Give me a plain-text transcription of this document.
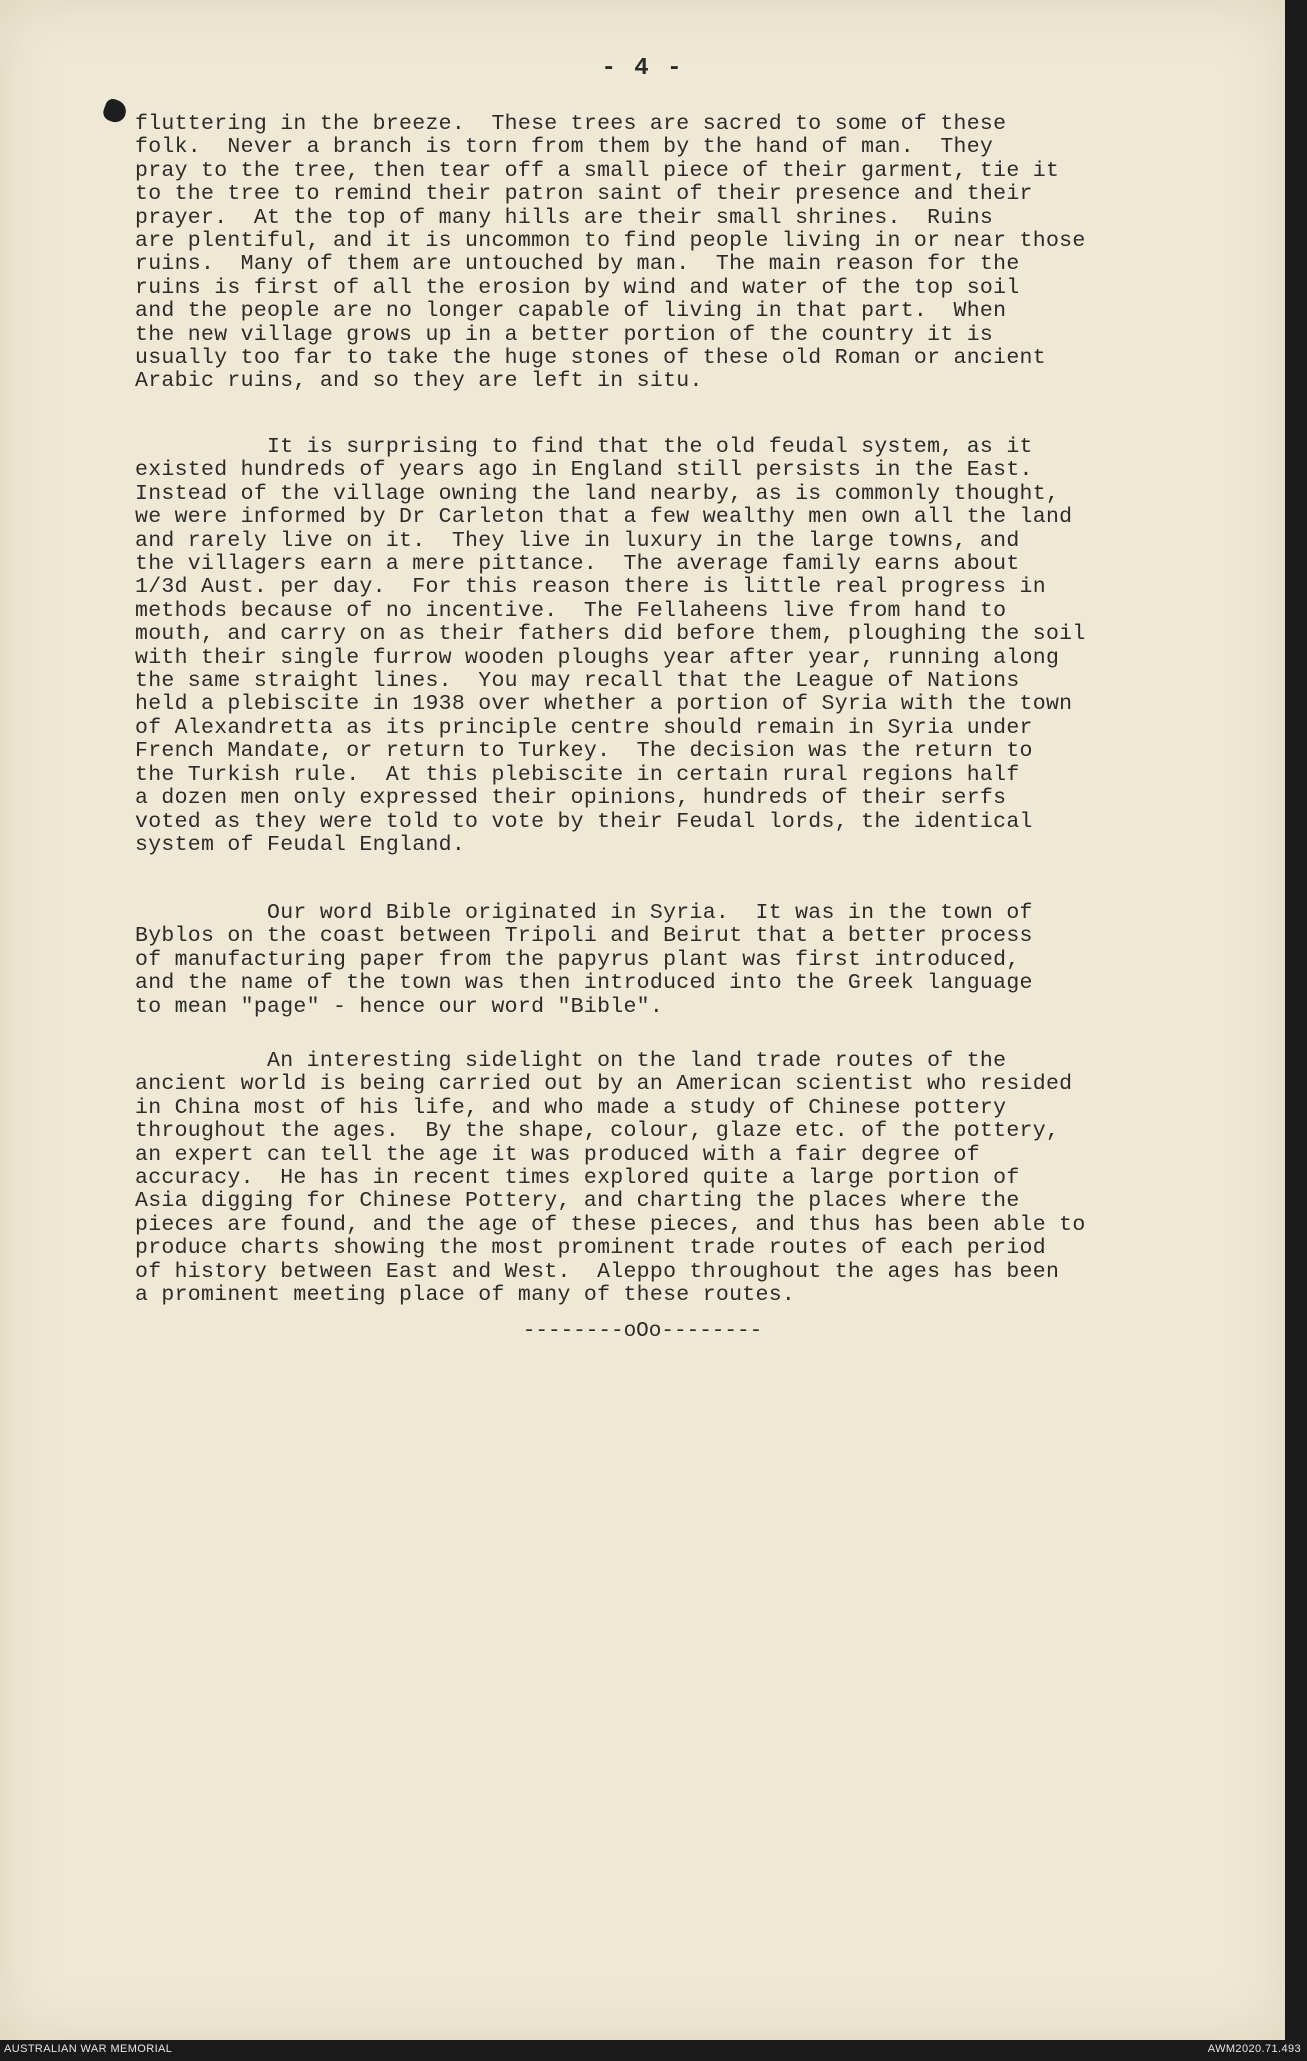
- 4 -

fluttering in the breeze.  These trees are sacred to some of these
folk.  Never a branch is torn from them by the hand of man.  They
pray to the tree, then tear off a small piece of their garment, tie it
to the tree to remind their patron saint of their presence and their
prayer.  At the top of many hills are their small shrines.  Ruins
are plentiful, and it is uncommon to find people living in or near those
ruins.  Many of them are untouched by man.  The main reason for the
ruins is first of all the erosion by wind and water of the top soil
and the people are no longer capable of living in that part.  When
the new village grows up in a better portion of the country it is
usually too far to take the huge stones of these old Roman or ancient
Arabic ruins, and so they are left in situ.

It is surprising to find that the old feudal system, as it
existed hundreds of years ago in England still persists in the East.
Instead of the village owning the land nearby, as is commonly thought,
we were informed by Dr Carleton that a few wealthy men own all the land
and rarely live on it.  They live in luxury in the large towns, and
the villagers earn a mere pittance.  The average family earns about
1/3d Aust. per day.  For this reason there is little real progress in
methods because of no incentive.  The Fellaheens live from hand to
mouth, and carry on as their fathers did before them, ploughing the soil
with their single furrow wooden ploughs year after year, running along
the same straight lines.  You may recall that the League of Nations
held a plebiscite in 1938 over whether a portion of Syria with the town
of Alexandretta as its principle centre should remain in Syria under
French Mandate, or return to Turkey.  The decision was the return to
the Turkish rule.  At this plebiscite in certain rural regions half
a dozen men only expressed their opinions, hundreds of their serfs
voted as they were told to vote by their Feudal lords, the identical
system of Feudal England.

Our word Bible originated in Syria.  It was in the town of
Byblos on the coast between Tripoli and Beirut that a better process
of manufacturing paper from the papyrus plant was first introduced,
and the name of the town was then introduced into the Greek language
to mean "page" - hence our word "Bible".

An interesting sidelight on the land trade routes of the
ancient world is being carried out by an American scientist who resided
in China most of his life, and who made a study of Chinese pottery
throughout the ages.  By the shape, colour, glaze etc. of the pottery,
an expert can tell the age it was produced with a fair degree of
accuracy.  He has in recent times explored quite a large portion of
Asia digging for Chinese Pottery, and charting the places where the
pieces are found, and the age of these pieces, and thus has been able to
produce charts showing the most prominent trade routes of each period
of history between East and West.  Aleppo throughout the ages has been
a prominent meeting place of many of these routes.

--------oOo--------
AUSTRALIAN WAR MEMORIAL	AWM2020.71.493
